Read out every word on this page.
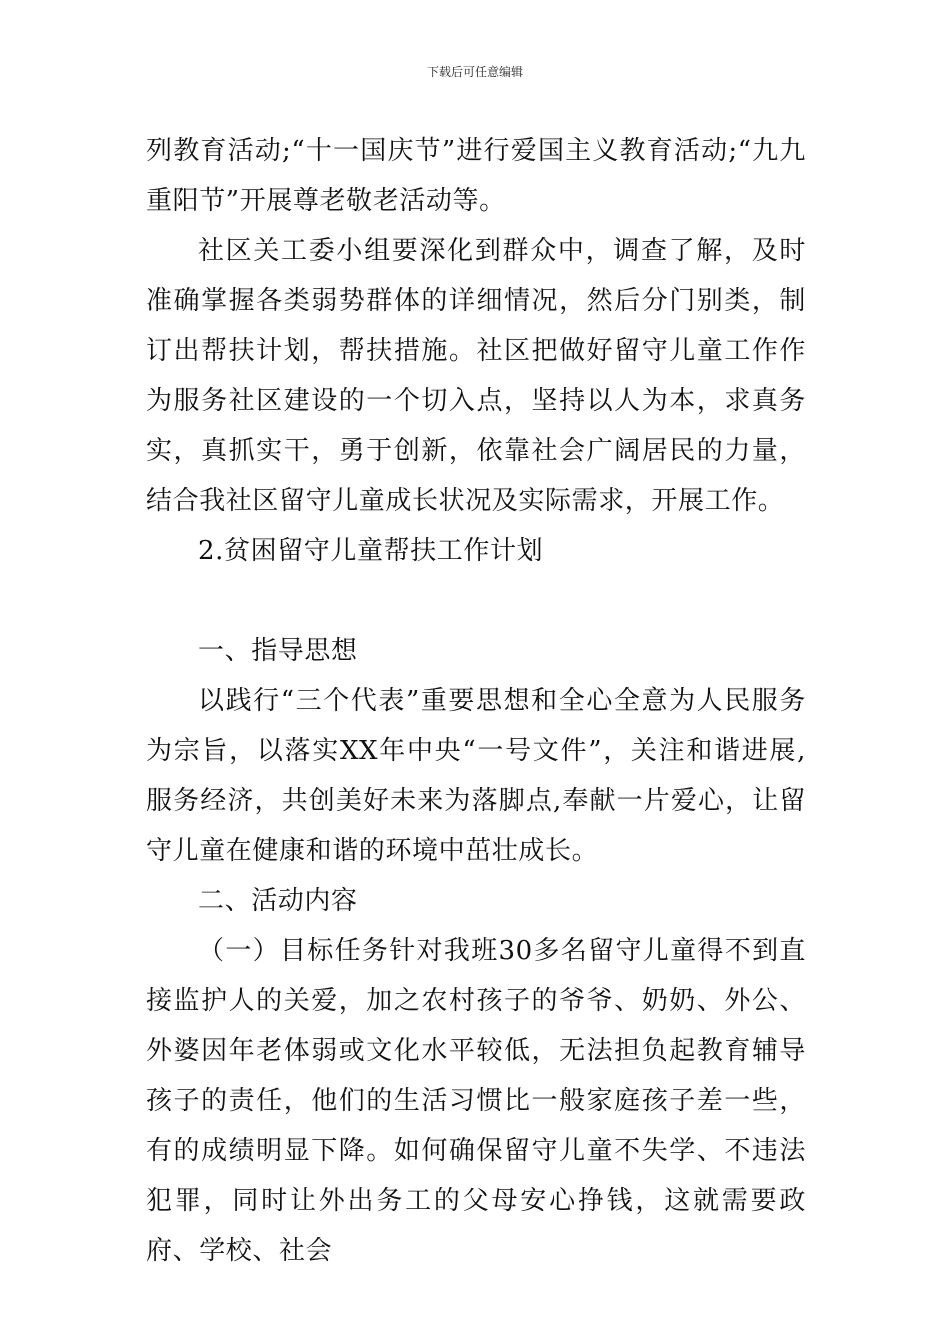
下载后可任意编辑

列教育活动;“十一国庆节”进行爱国主义教育活动;“九九重阳节”开展尊老敬老活动等。

社区关工委小组要深化到群众中，调查了解，及时准确掌握各类弱势群体的详细情况，然后分门别类，制订出帮扶计划，帮扶措施。社区把做好留守儿童工作作为服务社区建设的一个切入点，坚持以人为本，求真务实，真抓实干，勇于创新，依靠社会广阔居民的力量，结合我社区留守儿童成长状况及实际需求，开展工作。

2.贫困留守儿童帮扶工作计划

一、指导思想

以践行“三个代表”重要思想和全心全意为人民服务为宗旨，以落实XX年中央“一号文件”，关注和谐进展,服务经济，共创美好未来为落脚点,奉献一片爱心，让留守儿童在健康和谐的环境中茁壮成长。

二、活动内容

（一）目标任务针对我班30多名留守儿童得不到直接监护人的关爱，加之农村孩子的爷爷、奶奶、外公、外婆因年老体弱或文化水平较低，无法担负起教育辅导孩子的责任，他们的生活习惯比一般家庭孩子差一些，有的成绩明显下降。如何确保留守儿童不失学、不违法犯罪，同时让外出务工的父母安心挣钱，这就需要政府、学校、社会
